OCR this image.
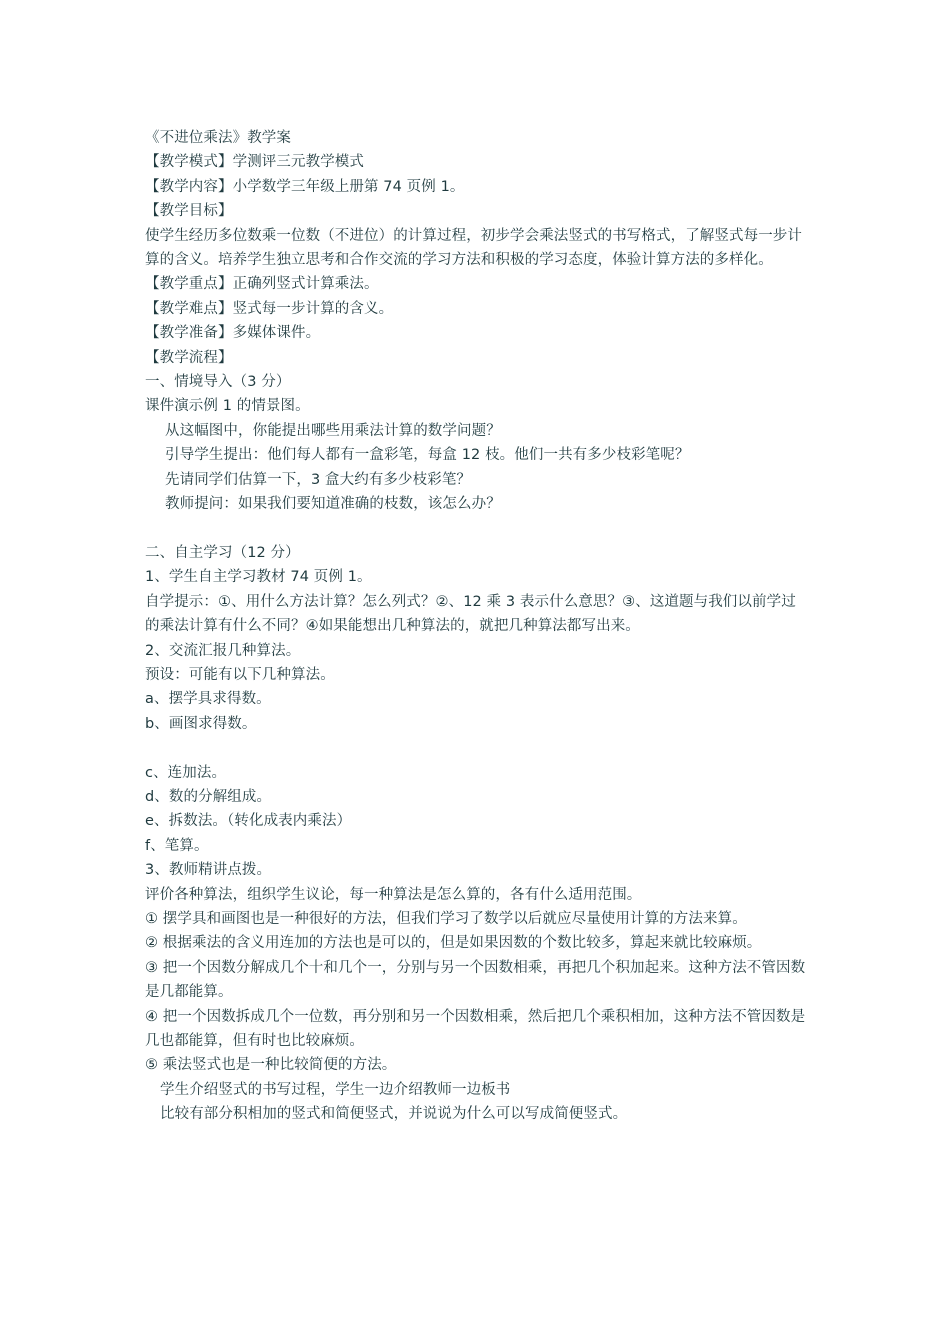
《不进位乘法》教学案
【教学模式】学测评三元教学模式
【教学内容】小学数学三年级上册第 74 页例 1。
【教学目标】
使学生经历多位数乘一位数（不进位）的计算过程，初步学会乘法竖式的书写格式，了解竖式每一步计算的含义。培养学生独立思考和合作交流的学习方法和积极的学习态度，体验计算方法的多样化。
【教学重点】正确列竖式计算乘法。
【教学难点】竖式每一步计算的含义。
【教学准备】多媒体课件。
【教学流程】
一、情境导入（3 分）
课件演示例 1 的情景图。
从这幅图中，你能提出哪些用乘法计算的数学问题？
引导学生提出：他们每人都有一盒彩笔，每盒 12 枝。他们一共有多少枝彩笔呢？
先请同学们估算一下，3 盒大约有多少枝彩笔？
教师提问：如果我们要知道准确的枝数，该怎么办？
二、自主学习（12 分）
1、学生自主学习教材 74 页例 1。
自学提示：①、用什么方法计算？怎么列式？②、12 乘 3 表示什么意思？③、这道题与我们以前学过的乘法计算有什么不同？④如果能想出几种算法的，就把几种算法都写出来。
2、交流汇报几种算法。
预设：可能有以下几种算法。
a、摆学具求得数。
b、画图求得数。
c、连加法。
d、数的分解组成。
e、拆数法。（转化成表内乘法）
f、笔算。
3、教师精讲点拨。
评价各种算法，组织学生议论，每一种算法是怎么算的，各有什么适用范围。
① 摆学具和画图也是一种很好的方法，但我们学习了数学以后就应尽量使用计算的方法来算。
② 根据乘法的含义用连加的方法也是可以的，但是如果因数的个数比较多，算起来就比较麻烦。
③ 把一个因数分解成几个十和几个一，分别与另一个因数相乘，再把几个积加起来。这种方法不管因数是几都能算。
④ 把一个因数拆成几个一位数，再分别和另一个因数相乘，然后把几个乘积相加，这种方法不管因数是几也都能算，但有时也比较麻烦。
⑤ 乘法竖式也是一种比较简便的方法。
学生介绍竖式的书写过程，学生一边介绍教师一边板书
比较有部分积相加的竖式和简便竖式，并说说为什么可以写成简便竖式。
